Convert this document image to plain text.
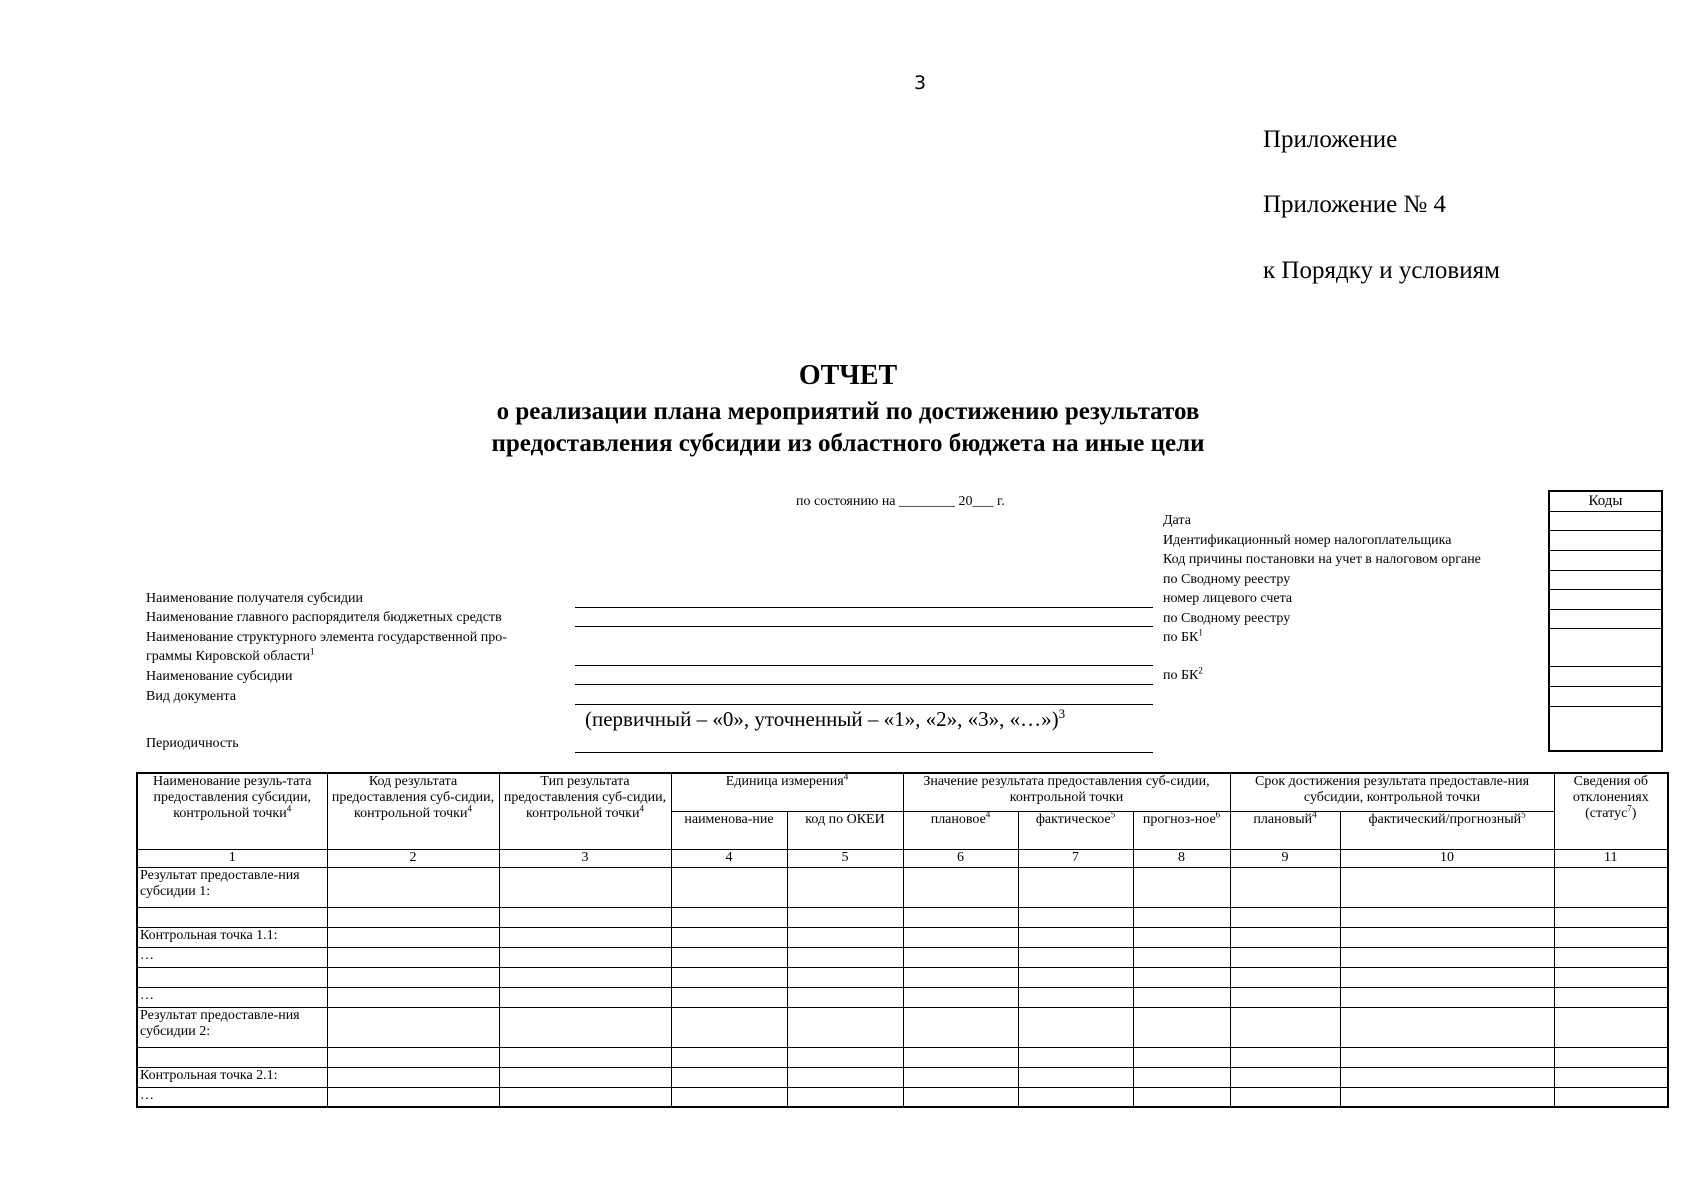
3
Приложение
Приложение № 4
к Порядку и условиям
ОТЧЕТ
о реализации плана мероприятий по достижению результатов
предоставления субсидии из областного бюджета на иные цели
по состоянию на ________ 20___ г.
Наименование получателя субсидии
Наименование главного распорядителя бюджетных средств
Наименование структурного элемента государственной про-
граммы Кировской области$^1$
Наименование субсидии
Вид документа
Периодичность
(первичный – «0», уточненный – «1», «2», «3», «…»)$^3$
Дата
Идентификационный номер налогоплательщика
Код причины постановки на учет в налоговом органе
по Сводному реестру
номер лицевого счета
по Сводному реестру
по $БК^1$
по $БК^2$
Коды
Наименование резуль-тата предоставления субсидии, контрольной точки$^4$	Код результата предоставления суб-сидии, контрольной точки$^4$	Тип результата предоставления суб-сидии, контрольной точки$^4$	Единица измерения$^4$		Значение результата предоставления суб-сидии, контрольной точки			Срок достижения результата предоставле-ния субсидии, контрольной точки		Сведения об отклонениях (статус$^7$)
			наименова-ние	код по ОКЕИ	плановое$^4$	фактическое$^5$	прогноз-ное$^6$	плановый$^4$	фактический/прогнозный$^5$
1	2	3	4	5	6	7	8	9	10	11
Результат предоставле-ния субсидии 1:										

Контрольная точка 1.1:										
…										

…										
Результат предоставле-ния субсидии 2:										

Контрольная точка 2.1:										
…										
